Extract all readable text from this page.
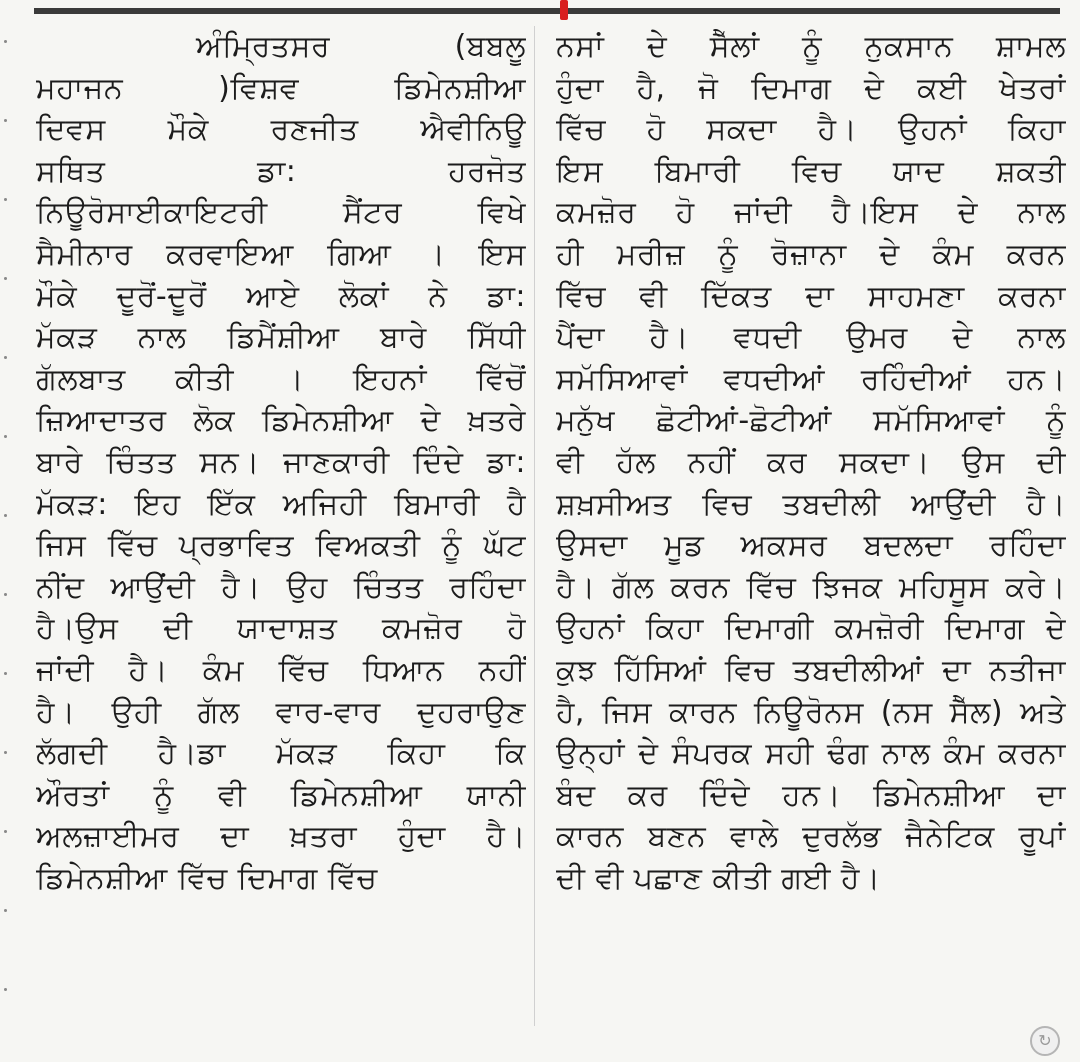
ਅੰਮ੍ਰਿਤਸਰ (ਬਬਲੂ
ਮਹਾਜਨ )ਵਿਸ਼ਵ ਡਿਮੇਨਸ਼ੀਆ
ਦਿਵਸ ਮੌਕੇ ਰਣਜੀਤ ਐਵੀਨਿਊ
ਸਥਿਤ ਡਾ: ਹਰਜੋਤ
ਨਿਊਰੋਸਾਈਕਾਇਟਰੀ ਸੈਂਟਰ ਵਿਖੇ
ਸੈਮੀਨਾਰ ਕਰਵਾਇਆ ਗਿਆ । ਇਸ
ਮੌਕੇ ਦੂਰੋਂ-ਦੂਰੋਂ ਆਏ ਲੋਕਾਂ ਨੇ ਡਾ:
ਮੱਕੜ ਨਾਲ ਡਿਮੈਂਸ਼ੀਆ ਬਾਰੇ ਸਿੱਧੀ
ਗੱਲਬਾਤ ਕੀਤੀ । ਇਹਨਾਂ ਵਿੱਚੋਂ
ਜ਼ਿਆਦਾਤਰ ਲੋਕ ਡਿਮੇਨਸ਼ੀਆ ਦੇ ਖ਼ਤਰੇ
ਬਾਰੇ ਚਿੰਤਤ ਸਨ। ਜਾਣਕਾਰੀ ਦਿੰਦੇ ਡਾ:
ਮੱਕੜ: ਇਹ ਇੱਕ ਅਜਿਹੀ ਬਿਮਾਰੀ ਹੈ
ਜਿਸ ਵਿੱਚ ਪ੍ਰਭਾਵਿਤ ਵਿਅਕਤੀ ਨੂੰ ਘੱਟ
ਨੀਂਦ ਆਉਂਦੀ ਹੈ। ਉਹ ਚਿੰਤਤ ਰਹਿੰਦਾ
ਹੈ।ਉਸ ਦੀ ਯਾਦਾਸ਼ਤ ਕਮਜ਼ੋਰ ਹੋ
ਜਾਂਦੀ ਹੈ। ਕੰਮ ਵਿੱਚ ਧਿਆਨ ਨਹੀਂ
ਹੈ। ਉਹੀ ਗੱਲ ਵਾਰ-ਵਾਰ ਦੁਹਰਾਉਣ
ਲੱਗਦੀ ਹੈ।ਡਾ ਮੱਕੜ ਕਿਹਾ ਕਿ
ਔਰਤਾਂ ਨੂੰ ਵੀ ਡਿਮੇਨਸ਼ੀਆ ਯਾਨੀ
ਅਲਜ਼ਾਈਮਰ ਦਾ ਖ਼ਤਰਾ ਹੁੰਦਾ ਹੈ।
ਡਿਮੇਨਸ਼ੀਆ ਵਿੱਚ ਦਿਮਾਗ ਵਿੱਚ
ਨਸਾਂ ਦੇ ਸੈੱਲਾਂ ਨੂੰ ਨੁਕਸਾਨ ਸ਼ਾਮਲ
ਹੁੰਦਾ ਹੈ, ਜੋ ਦਿਮਾਗ ਦੇ ਕਈ ਖੇਤਰਾਂ
ਵਿੱਚ ਹੋ ਸਕਦਾ ਹੈ। ਉਹਨਾਂ ਕਿਹਾ
ਇਸ ਬਿਮਾਰੀ ਵਿਚ ਯਾਦ ਸ਼ਕਤੀ
ਕਮਜ਼ੋਰ ਹੋ ਜਾਂਦੀ ਹੈ।ਇਸ ਦੇ ਨਾਲ
ਹੀ ਮਰੀਜ਼ ਨੂੰ ਰੋਜ਼ਾਨਾ ਦੇ ਕੰਮ ਕਰਨ
ਵਿੱਚ ਵੀ ਦਿੱਕਤ ਦਾ ਸਾਹਮਣਾ ਕਰਨਾ
ਪੈਂਦਾ ਹੈ। ਵਧਦੀ ਉਮਰ ਦੇ ਨਾਲ
ਸਮੱਸਿਆਵਾਂ ਵਧਦੀਆਂ ਰਹਿੰਦੀਆਂ ਹਨ।
ਮਨੁੱਖ ਛੋਟੀਆਂ-ਛੋਟੀਆਂ ਸਮੱਸਿਆਵਾਂ ਨੂੰ
ਵੀ ਹੱਲ ਨਹੀਂ ਕਰ ਸਕਦਾ। ਉਸ ਦੀ
ਸ਼ਖ਼ਸੀਅਤ ਵਿਚ ਤਬਦੀਲੀ ਆਉਂਦੀ ਹੈ।
ਉਸਦਾ ਮੂਡ ਅਕਸਰ ਬਦਲਦਾ ਰਹਿੰਦਾ
ਹੈ। ਗੱਲ ਕਰਨ ਵਿੱਚ ਝਿਜਕ ਮਹਿਸੂਸ ਕਰੇ।
ਉਹਨਾਂ ਕਿਹਾ ਦਿਮਾਗੀ ਕਮਜ਼ੋਰੀ ਦਿਮਾਗ ਦੇ
ਕੁਝ ਹਿੱਸਿਆਂ ਵਿਚ ਤਬਦੀਲੀਆਂ ਦਾ ਨਤੀਜਾ
ਹੈ, ਜਿਸ ਕਾਰਨ ਨਿਊਰੋਨਸ (ਨਸ ਸੈੱਲ) ਅਤੇ
ਉਨ੍ਹਾਂ ਦੇ ਸੰਪਰਕ ਸਹੀ ਢੰਗ ਨਾਲ ਕੰਮ ਕਰਨਾ
ਬੰਦ ਕਰ ਦਿੰਦੇ ਹਨ। ਡਿਮੇਨਸ਼ੀਆ ਦਾ
ਕਾਰਨ ਬਣਨ ਵਾਲੇ ਦੁਰਲੱਭ ਜੈਨੇਟਿਕ ਰੂਪਾਂ
ਦੀ ਵੀ ਪਛਾਣ ਕੀਤੀ ਗਈ ਹੈ।
↻
